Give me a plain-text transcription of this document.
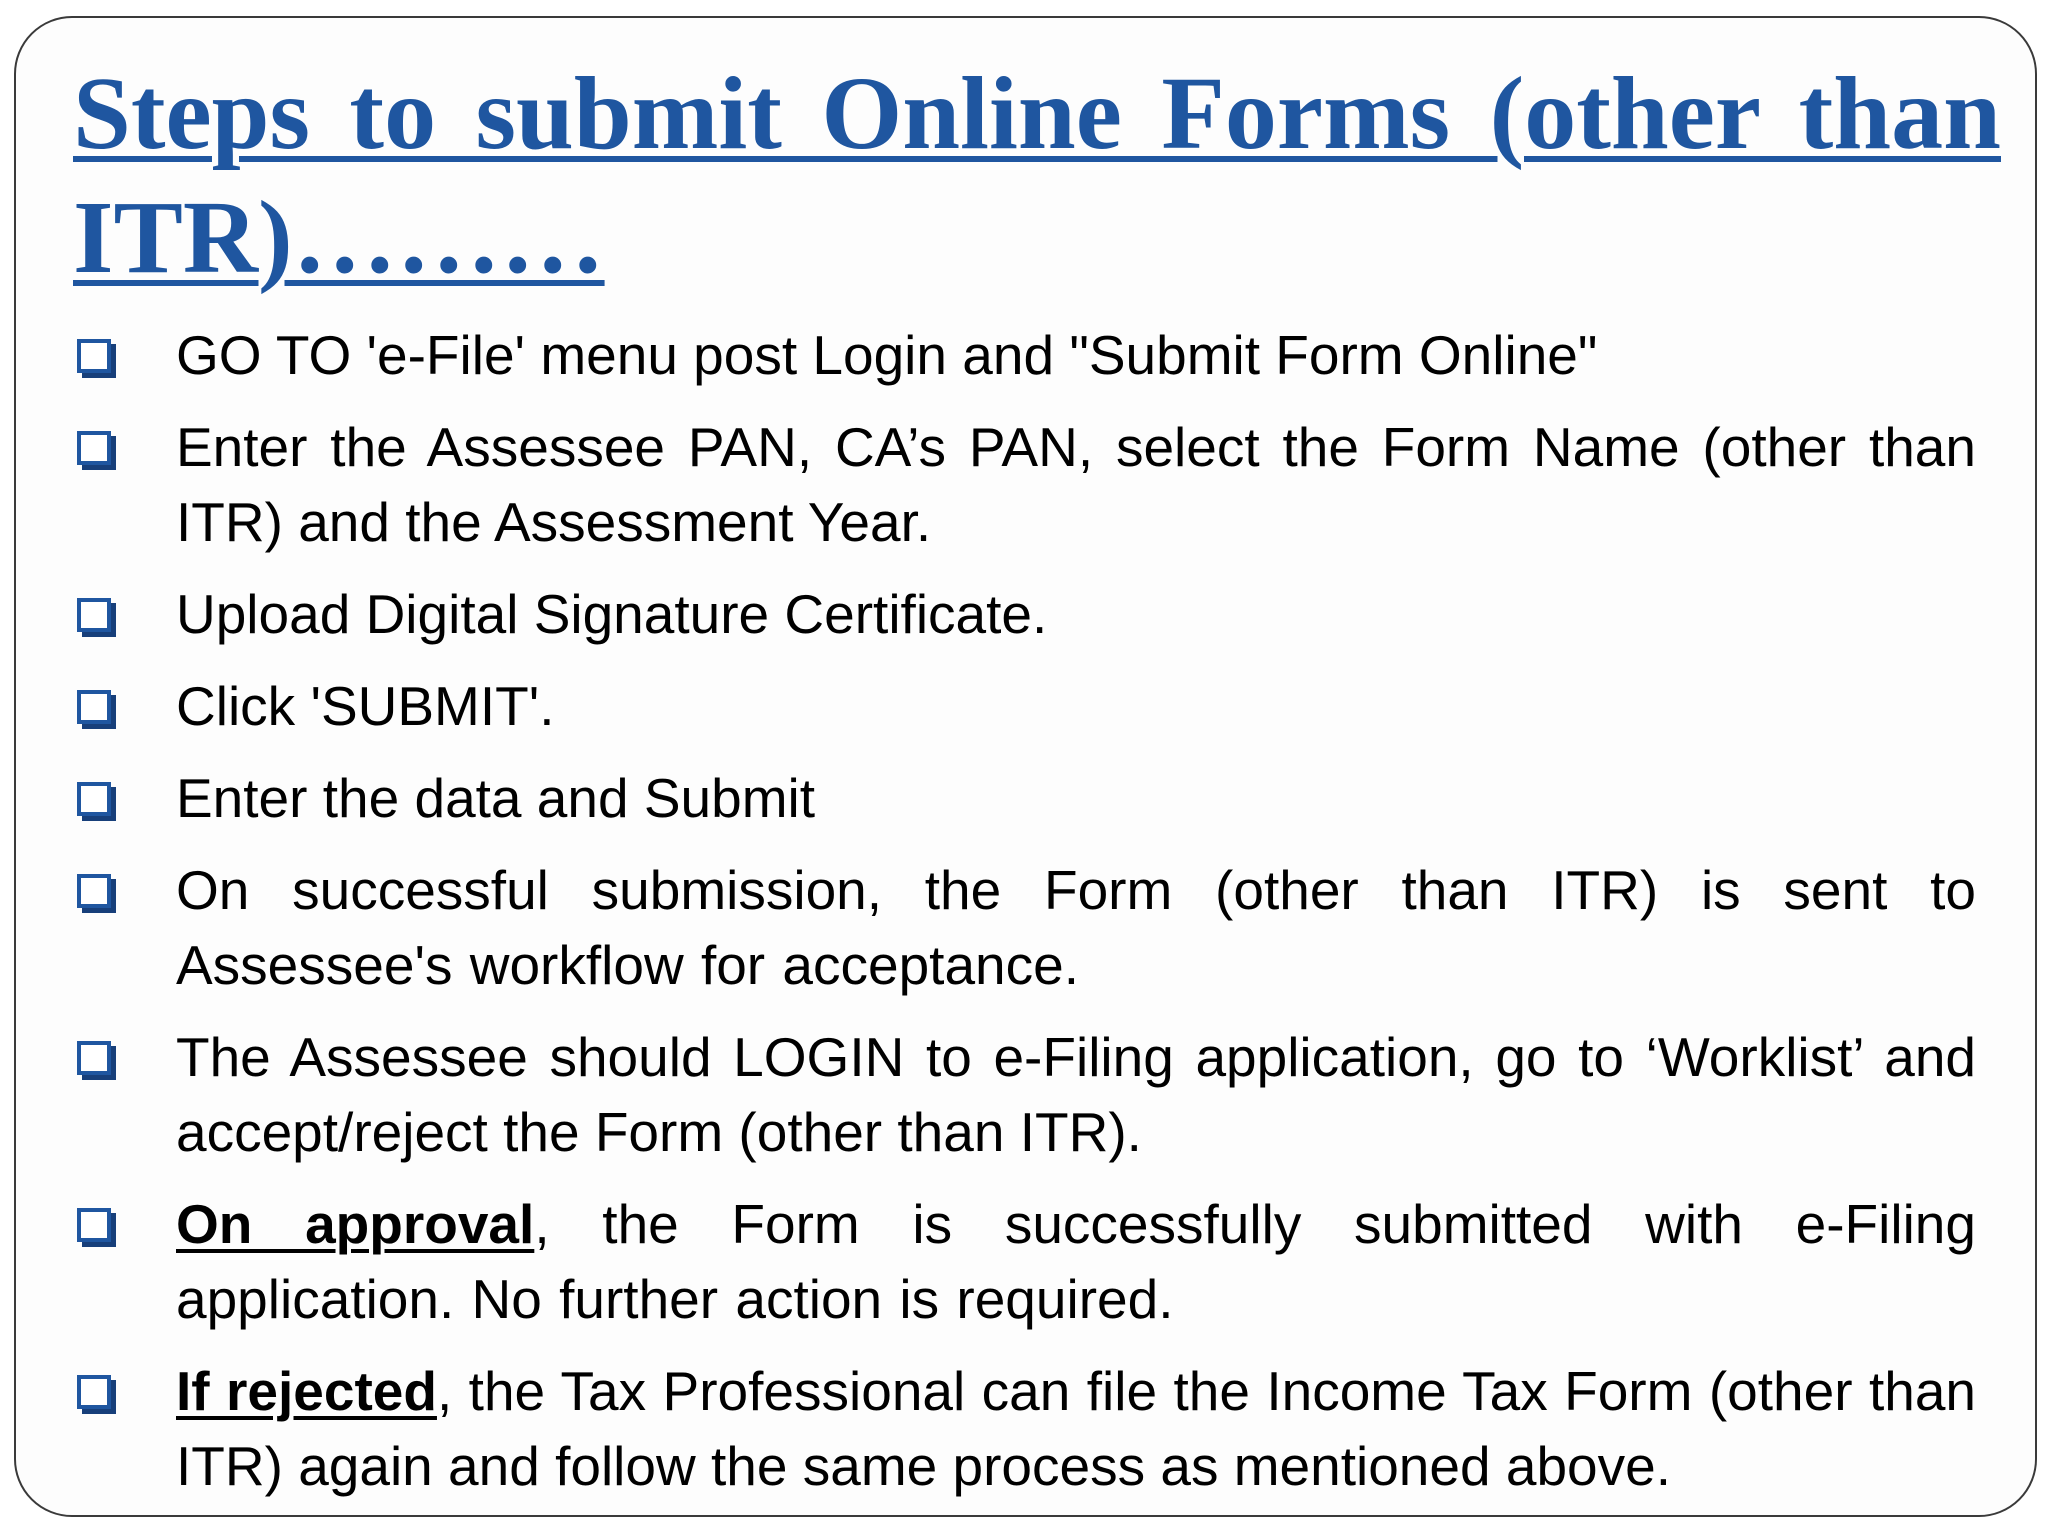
Steps to submit Online Forms (other than ITR)………
GO TO 'e-File' menu post Login and "Submit Form Online"
Enter the Assessee PAN, CA’s PAN, select the Form Name (other than ITR) and the Assessment Year.
Upload Digital Signature Certificate.
Click 'SUBMIT'.
Enter the data and Submit
On successful submission, the Form (other than ITR) is sent to Assessee's workflow for acceptance.
The Assessee should LOGIN to e-Filing application, go to ‘Worklist’ and accept/reject the Form (other than ITR).
On approval, the Form is successfully submitted with e-Filing application. No further action is required.
If rejected, the Tax Professional can file the Income Tax Form (other than ITR) again and follow the same process as mentioned above.
